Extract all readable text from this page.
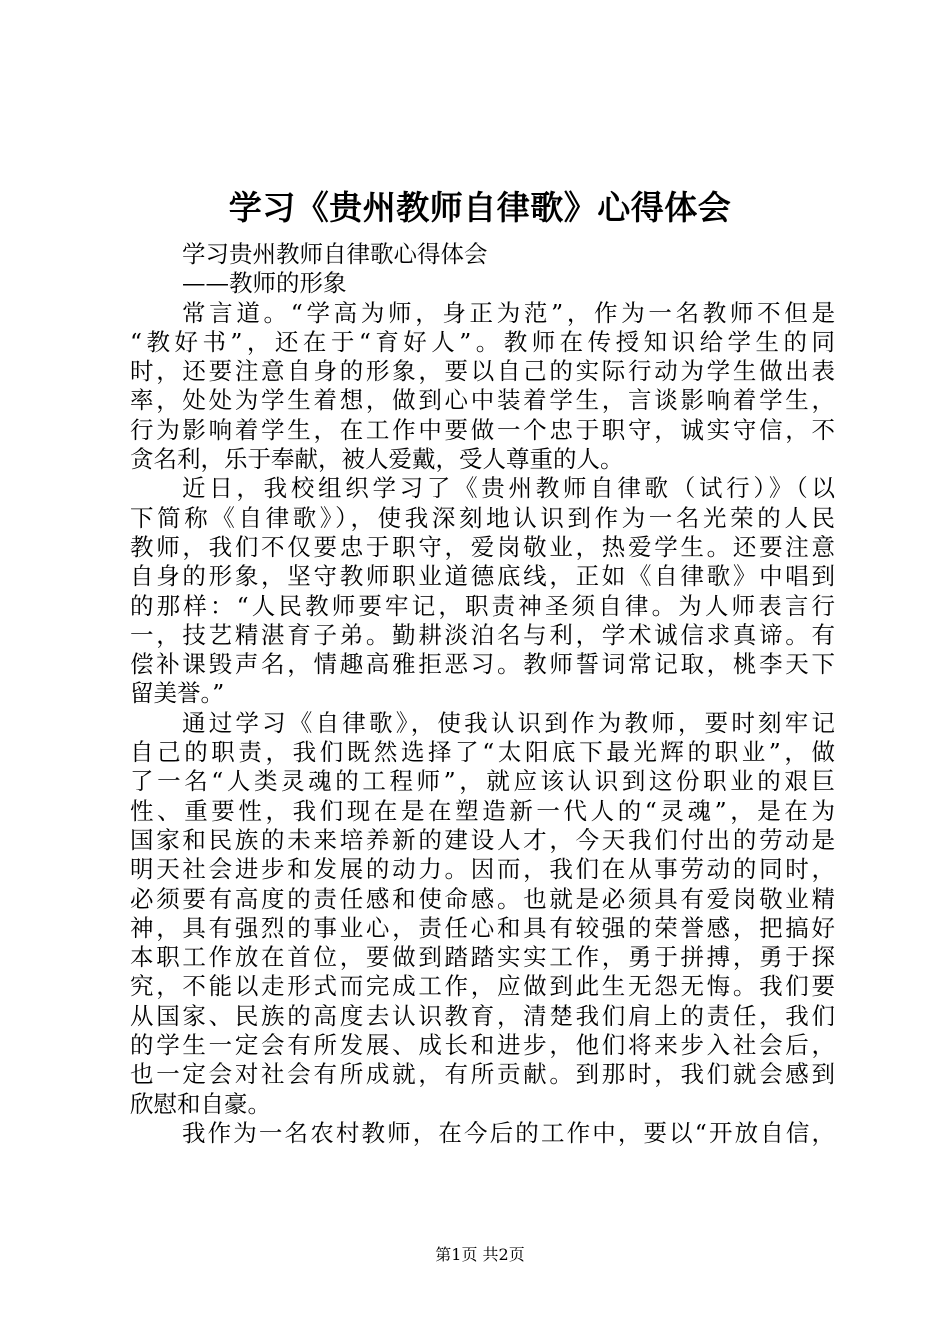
学习《贵州教师自律歌》心得体会
学习贵州教师自律歌心得体会
——教师的形象
常言道。“学高为师，身正为范”，作为一名教师不但是
“教好书”，还在于“育好人”。教师在传授知识给学生的同
时，还要注意自身的形象，要以自己的实际行动为学生做出表
率，处处为学生着想，做到心中装着学生，言谈影响着学生，
行为影响着学生，在工作中要做一个忠于职守，诚实守信，不
贪名利，乐于奉献，被人爱戴，受人尊重的人。
近日，我校组织学习了《贵州教师自律歌（试行）》（以
下简称《自律歌》），使我深刻地认识到作为一名光荣的人民
教师，我们不仅要忠于职守，爱岗敬业，热爱学生。还要注意
自身的形象，坚守教师职业道德底线，正如《自律歌》中唱到
的那样：“人民教师要牢记，职责神圣须自律。为人师表言行
一，技艺精湛育子弟。勤耕淡泊名与利，学术诚信求真谛。有
偿补课毁声名，情趣高雅拒恶习。教师誓词常记取，桃李天下
留美誉。”
通过学习《自律歌》，使我认识到作为教师，要时刻牢记
自己的职责，我们既然选择了“太阳底下最光辉的职业”，做
了一名“人类灵魂的工程师”，就应该认识到这份职业的艰巨
性、重要性，我们现在是在塑造新一代人的“灵魂”，是在为
国家和民族的未来培养新的建设人才，今天我们付出的劳动是
明天社会进步和发展的动力。因而，我们在从事劳动的同时，
必须要有高度的责任感和使命感。也就是必须具有爱岗敬业精
神，具有强烈的事业心，责任心和具有较强的荣誉感，把搞好
本职工作放在首位，要做到踏踏实实工作，勇于拼搏，勇于探
究，不能以走形式而完成工作，应做到此生无怨无悔。我们要
从国家、民族的高度去认识教育，清楚我们肩上的责任，我们
的学生一定会有所发展、成长和进步，他们将来步入社会后，
也一定会对社会有所成就，有所贡献。到那时，我们就会感到
欣慰和自豪。
我作为一名农村教师，在今后的工作中，要以“开放自信，
第1页 共2页
